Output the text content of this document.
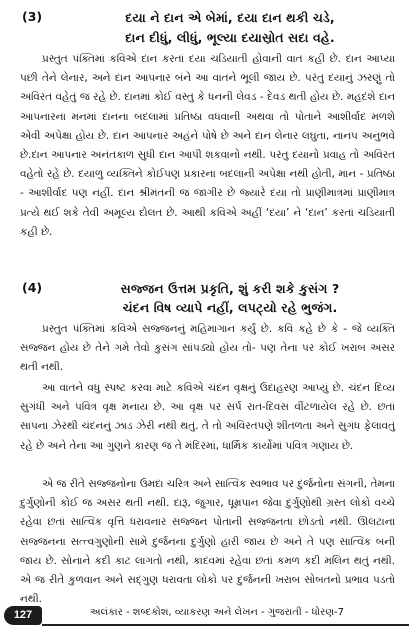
(3)	દયા ને દાન એ બેમાં, દયા દાન થકી ચડે,
દાન દીધું, લીધું, ભૂલ્યા દયાસ્રોત સદા વહે.

પ્રસ્તુત પંક્તિમાં કવિએ દાન કરતાં દયા ચડિયાતી હોવાની વાત કહી છે. દાન આપ્યા પછી તેને લેનાર, અને દાન આપનાર બંને આ વાતને ભૂલી જાય છે. પરંતુ દયાનું ઝરણું તો અવિરત વહેતું જ રહે છે. દાનમાં કોઈ વસ્તુ કે ધનની લેવડ - દેવડ થતી હોય છે. મહદંશે દાન આપનારના મનમાં દાનના બદલામાં પ્રતિષ્ઠા વધવાની અથવા તો પોતાને આશીર્વાદ મળશે એવી અપેક્ષા હોય છે. દાન આપનાર અહંને પોષે છે અને દાન લેનાર લઘુતા, નાનપ અનુભવે છે.દાન આપનાર અનંતકાળ સુધી દાન આપી શકવાનો નથી. પરંતુ દયાનો પ્રવાહ તો અવિરત વહેતો રહે છે. દયાળુ વ્યક્તિને કોઈપણ પ્રકારના બદલાની અપેક્ષા નથી હોતી, માન - પ્રતિષ્ઠા - આશીર્વાદ પણ નહીં. દાન શ્રીમંતની જ જાગીર છે જ્યારે દયા તો પ્રાણીમાત્રમાં પ્રાણીમાત્ર પ્રત્યે થઈ શકે તેવી અમૂલ્ય દોલત છે. આથી કવિએ અહીં ‘દયા’ ને ‘દાન’ કરતાં ચડિયાતી કહી છે.

(4)	સજ્જન ઉત્તમ પ્રકૃતિ, શું કરી શકે કુસંગ ?
ચંદન વિષ વ્યાપે નહીં, લપટ્યો રહે ભુજંગ.

પ્રસ્તુત પંક્તિમાં કવિએ સજ્જનનું મહિમાગાન કર્યું છે. કવિ કહે છે કે - જે વ્યક્તિ સજ્જન હોય છે તેને ગમે તેવો કુસંગ સાંપડ્યો હોય તો- પણ તેના પર કોઈ ખરાબ અસર થતી નથી.

આ વાતને વધુ સ્પષ્ટ કરવા માટે કવિએ ચંદન વૃક્ષનું ઉદાહરણ આપ્યું છે. ચંદન દિવ્ય સુગંધી અને પવિત્ર વૃક્ષ મનાય છે. આ વૃક્ષ પર સર્પ રાત-દિવસ વીંટળાયેલ રહે છે. છતાં સાપના ઝેરથી ચંદનનું ઝાડ ઝેરી નથી થતું. તે તો અવિરતપણે શીતળતા અને સુગંધ ફેલાવતું રહે છે અને તેના આ ગુણને કારણ જ તે મંદિરમાં, ધાર્મિક કાર્યોમાં પવિત્ર ગણાય છે.

એ જ રીતે સજ્જનોના ઉમદા ચરિત્ર અને સાત્વિક સ્વભાવ પર દુર્જનોના સંગની, તેમના દુર્ગુણોની કોઈ જ અસર થતી નથી. દારૂ, જુગાર, ધૂમ્રપાન જેવા દુર્ગુણોથી ગ્રસ્ત લોકો વચ્ચે રહેવા છતાં સાત્વિક વૃત્તિ ધરાવનાર સજ્જન પોતાની સજ્જનતા છોડતો નથી. ઊલટાના સજ્જનના સત્ત્વગુણોની સામે દુર્જનના દુર્ગુણો હારી જાય છે અને તે પણ સાત્વિક બની જાય છે. સોનાને કદી કાટ લાગતો નથી, કાદવમાં રહેવા છતાં કમળ કદી મલિન થતું નથી. એ જ રીતે કુળવાન અને સદ્ગુણ ધરાવતા લોકો પર દુર્જનની ખરાબ સોબતનો પ્રભાવ પડતો નથી.

127	અલંકાર - શબ્દકોશ, વ્યાકરણ અને લેખન - ગુજરાતી - ધોરણ-7
